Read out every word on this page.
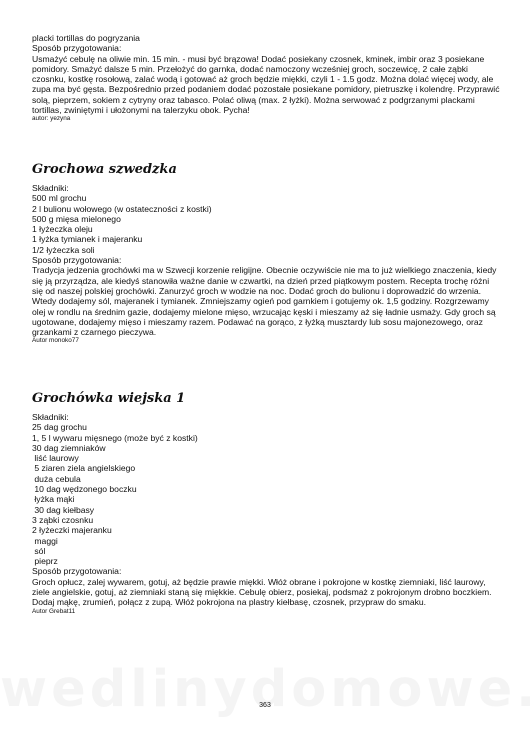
placki tortillas do pogryzania
Sposób przygotowania:
Usmażyć cebulę na oliwie min. 15 min. - musi być brązowa! Dodać posiekany czosnek, kminek, imbir oraz 3 posiekane pomidory. Smażyć dalsze 5 min. Przełożyć do garnka, dodać namoczony wcześniej groch, soczewicę, 2 całe ząbki czosnku, kostkę rosołową, zalać wodą i gotować aż groch będzie miękki, czyli 1 - 1.5 godz. Można dolać więcej wody, ale zupa ma być gęsta. Bezpośrednio przed podaniem dodać pozostałe posiekane pomidory, pietruszkę i kolendrę. Przyprawić solą, pieprzem, sokiem z cytryny oraz tabasco. Polać oliwą (max. 2 łyżki). Można serwować z podgrzanymi plackami tortillas, zwiniętymi i ułożonymi na talerzyku obok. Pycha!
autor: yezyna
Grochowa szwedzka
Składniki:
500 ml grochu
2 l bulionu wołowego (w ostateczności z kostki)
500 g mięsa mielonego
1 łyżeczka oleju
1 łyżka tymianek i majeranku
1/2 łyżeczka soli
Sposób przygotowania:
Tradycja jedzenia grochówki ma w Szwecji korzenie religijne. Obecnie oczywiście nie ma to już wielkiego znaczenia, kiedy się ją przyrządza, ale kiedyś stanowiła ważne danie w czwartki, na dzień przed piątkowym postem. Recepta trochę różni się od naszej polskiej grochówki. Zanurzyć groch w wodzie na noc. Dodać groch do bulionu i doprowadzić do wrzenia. Wtedy dodajemy sól, majeranek i tymianek. Zmniejszamy ogień pod garnkiem i gotujemy ok. 1,5 godziny. Rozgrzewamy olej w rondlu na średnim gazie, dodajemy mielone mięso, wrzucając kęski i mieszamy aż się ładnie usmaży. Gdy groch są ugotowane, dodajemy mięso i mieszamy razem. Podawać na gorąco, z łyżką musztardy lub sosu majonezowego, oraz grzankami z czarnego pieczywa.
Autor monoko77
Grochówka wiejska 1
Składniki:
25 dag grochu
1, 5 l wywaru mięsnego (może być z kostki)
30 dag ziemniaków
liść laurowy
5 ziaren ziela angielskiego
duża cebula
10 dag wędzonego boczku
łyżka mąki
30 dag kiełbasy
3 ząbki czosnku
2 łyżeczki majeranku
maggi
sól
pieprz
Sposób przygotowania:
Groch opłucz, zalej wywarem, gotuj, aż będzie prawie miękki. Włóż obrane i pokrojone w kostkę ziemniaki, liść laurowy, ziele angielskie, gotuj, aż ziemniaki staną się miękkie. Cebulę obierz, posiekaj, podsmaż z pokrojonym drobno boczkiem. Dodaj mąkę, zrumień, połącz z zupą. Włóż pokrojona na plastry kiełbasę, czosnek, przypraw do smaku.
Autor Grebat11
363
